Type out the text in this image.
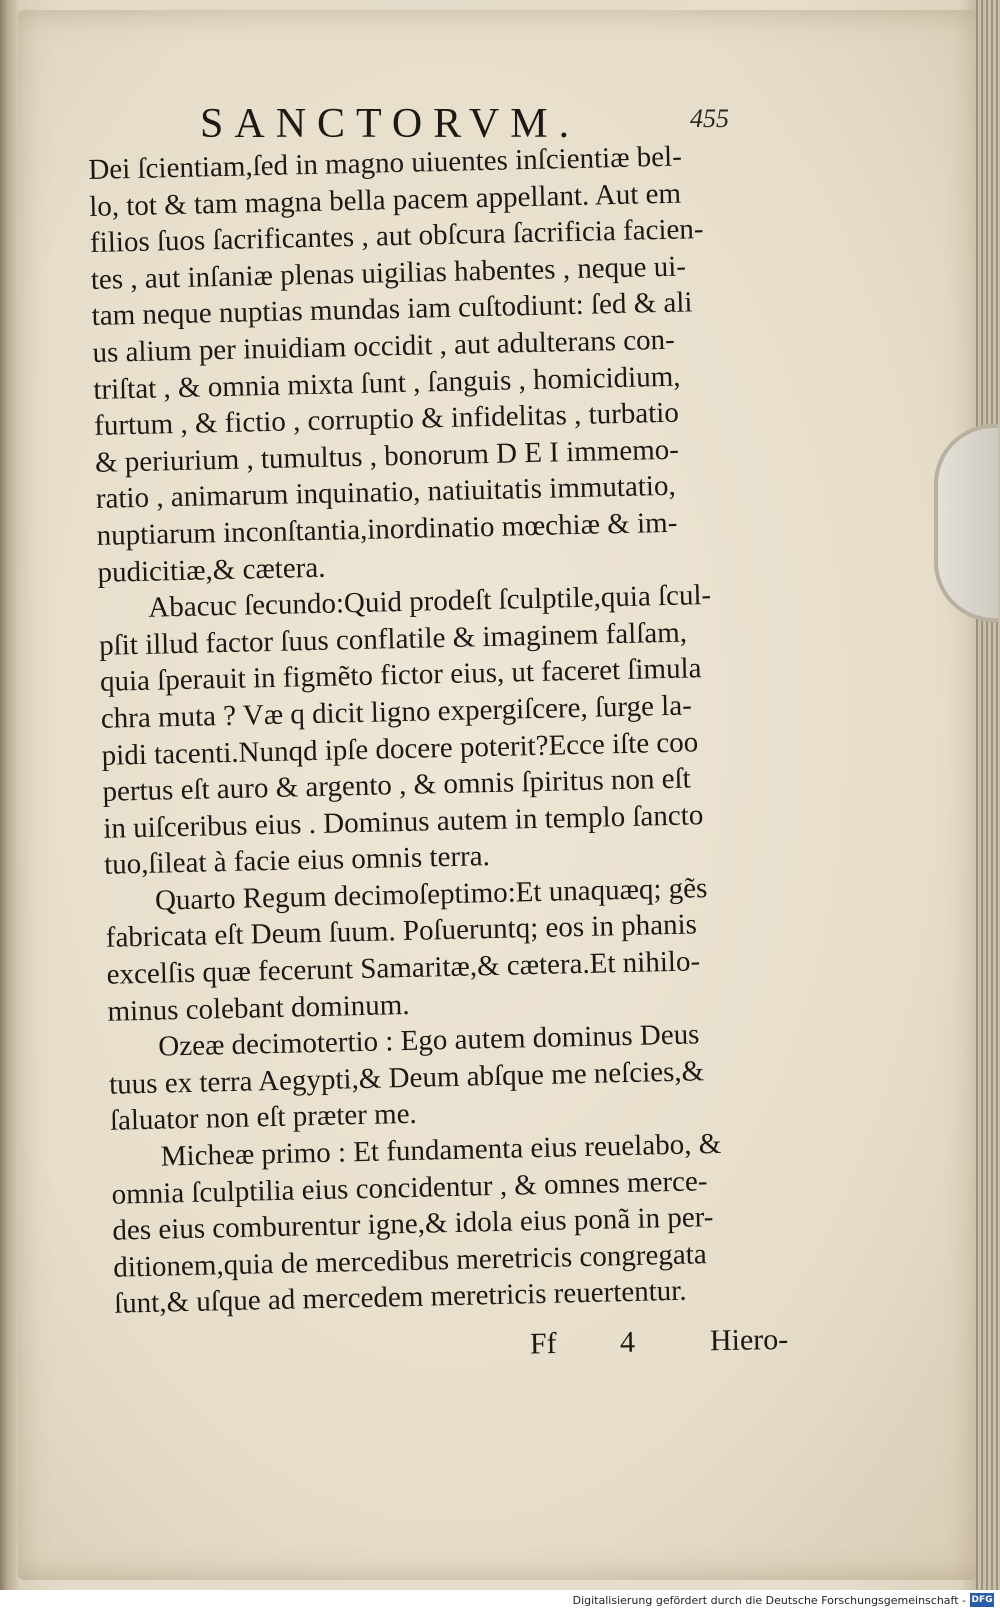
SANCTORVM.	455
Dei ſcientiam,ſed in magno uiuentes inſcientiæ bel-
lo, tot & tam magna bella pacem appellant. Aut em
filios ſuos ſacrificantes , aut obſcura ſacrificia facien-
tes , aut inſaniæ plenas uigilias habentes , neque ui-
tam neque nuptias mundas iam cuſtodiunt: ſed & ali
us alium per inuidiam occidit , aut adulterans con-
triſtat , & omnia mixta ſunt , ſanguis , homicidium,
furtum , & fictio , corruptio & infidelitas , turbatio
& periurium , tumultus , bonorum D E I immemo-
ratio , animarum inquinatio, natiuitatis immutatio,
nuptiarum inconſtantia,inordinatio mœchiæ & im-
pudicitiæ,& cætera.
Abacuc ſecundo:Quid prodeſt ſculptile,quia ſcul-
pſit illud factor ſuus conflatile & imaginem falſam,
quia ſperauit in figmẽto fictor eius, ut faceret ſimula
chra muta ? Væ q dicit ligno expergiſcere, ſurge la-
pidi tacenti.Nunqd ipſe docere poterit?Ecce iſte coo
pertus eſt auro & argento , & omnis ſpiritus non eſt
in uiſceribus eius . Dominus autem in templo ſancto
tuo,ſileat à facie eius omnis terra.
Quarto Regum decimoſeptimo:Et unaquæq; gẽs
fabricata eſt Deum ſuum. Poſueruntq; eos in phanis
excelſis quæ fecerunt Samaritæ,& cætera.Et nihilo-
minus colebant dominum.
Ozeæ decimotertio : Ego autem dominus Deus
tuus ex terra Aegypti,& Deum abſque me neſcies,&
ſaluator non eſt præter me.
Micheæ primo : Et fundamenta eius reuelabo, &
omnia ſculptilia eius concidentur , & omnes merce-
des eius comburentur igne,& idola eius ponã in per-
ditionem,quia de mercedibus meretricis congregata
ſunt,& uſque ad mercedem meretricis reuertentur.
Ff 4 Hiero-
Digitalisierung gefördert durch die Deutsche Forschungsgemeinschaft - DFG
